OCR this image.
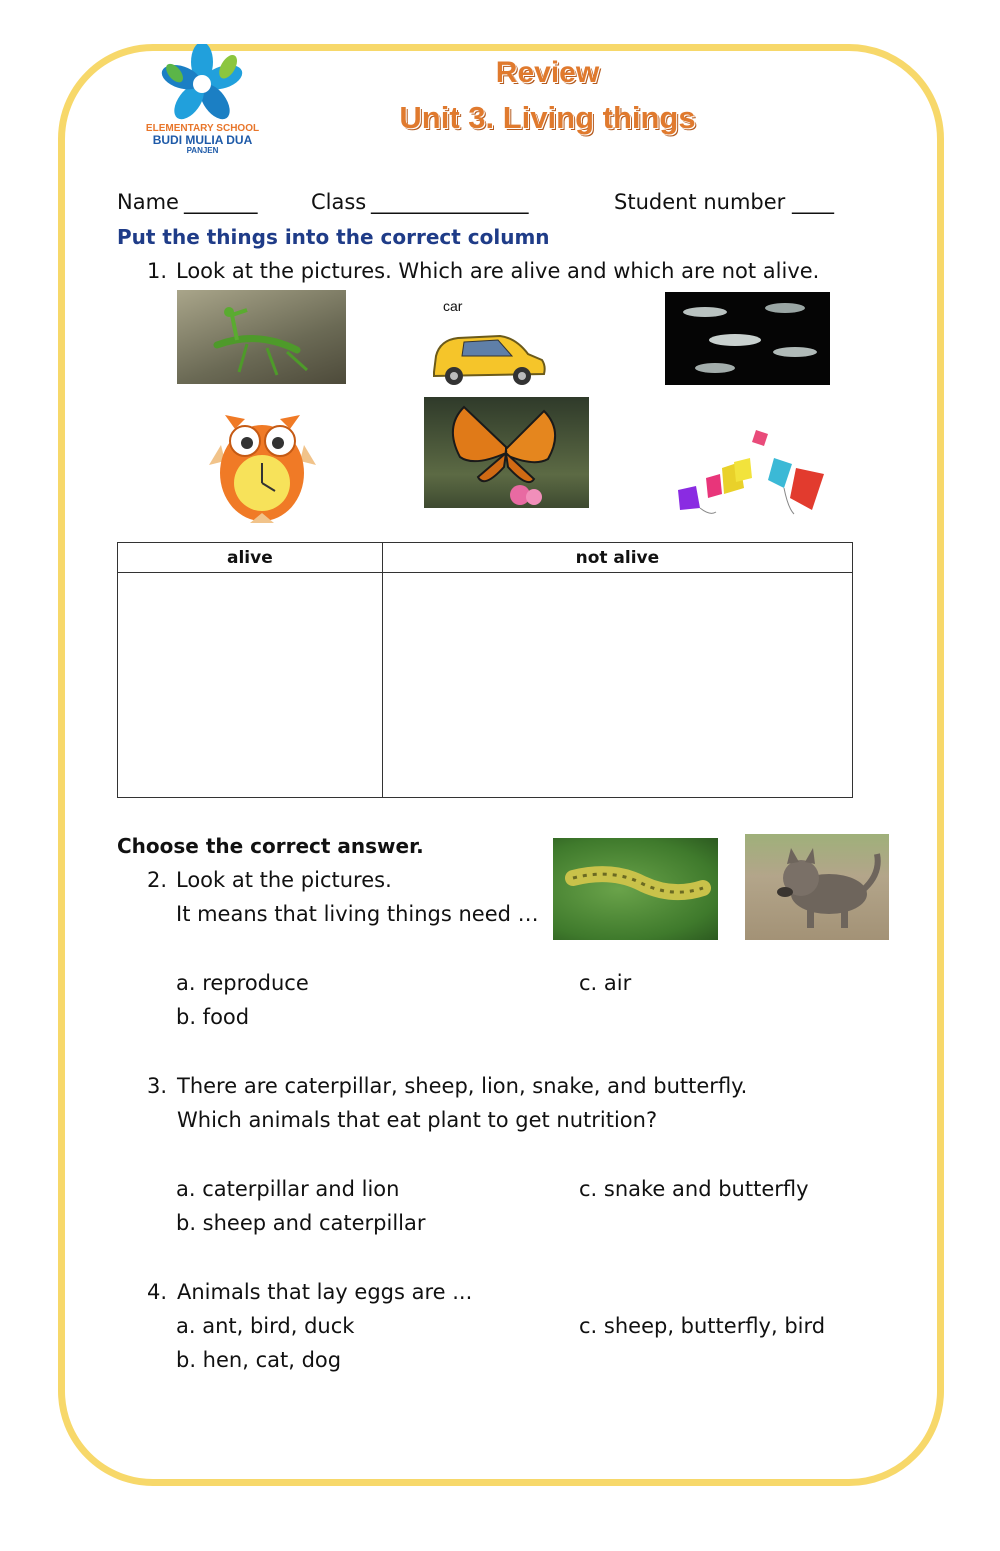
ELEMENTARY SCHOOL
BUDI MULIA DUA
PANJEN
Review
Unit 3. Living things
Name _______	Class _______________	Student number ____
Put the things into the correct column
1. Look at the pictures. Which are alive and which are not alive.
car
alive	not alive

Choose the correct answer.
2. Look at the pictures.
It means that living things need …
a. reproduce	c. air
b. food
3. There are caterpillar, sheep, lion, snake, and butterfly.
Which animals that eat plant to get nutrition?
a. caterpillar and lion	c. snake and butterfly
b. sheep and caterpillar
4. Animals that lay eggs are ...
a. ant, bird, duck	c. sheep, butterfly, bird
b. hen, cat, dog
